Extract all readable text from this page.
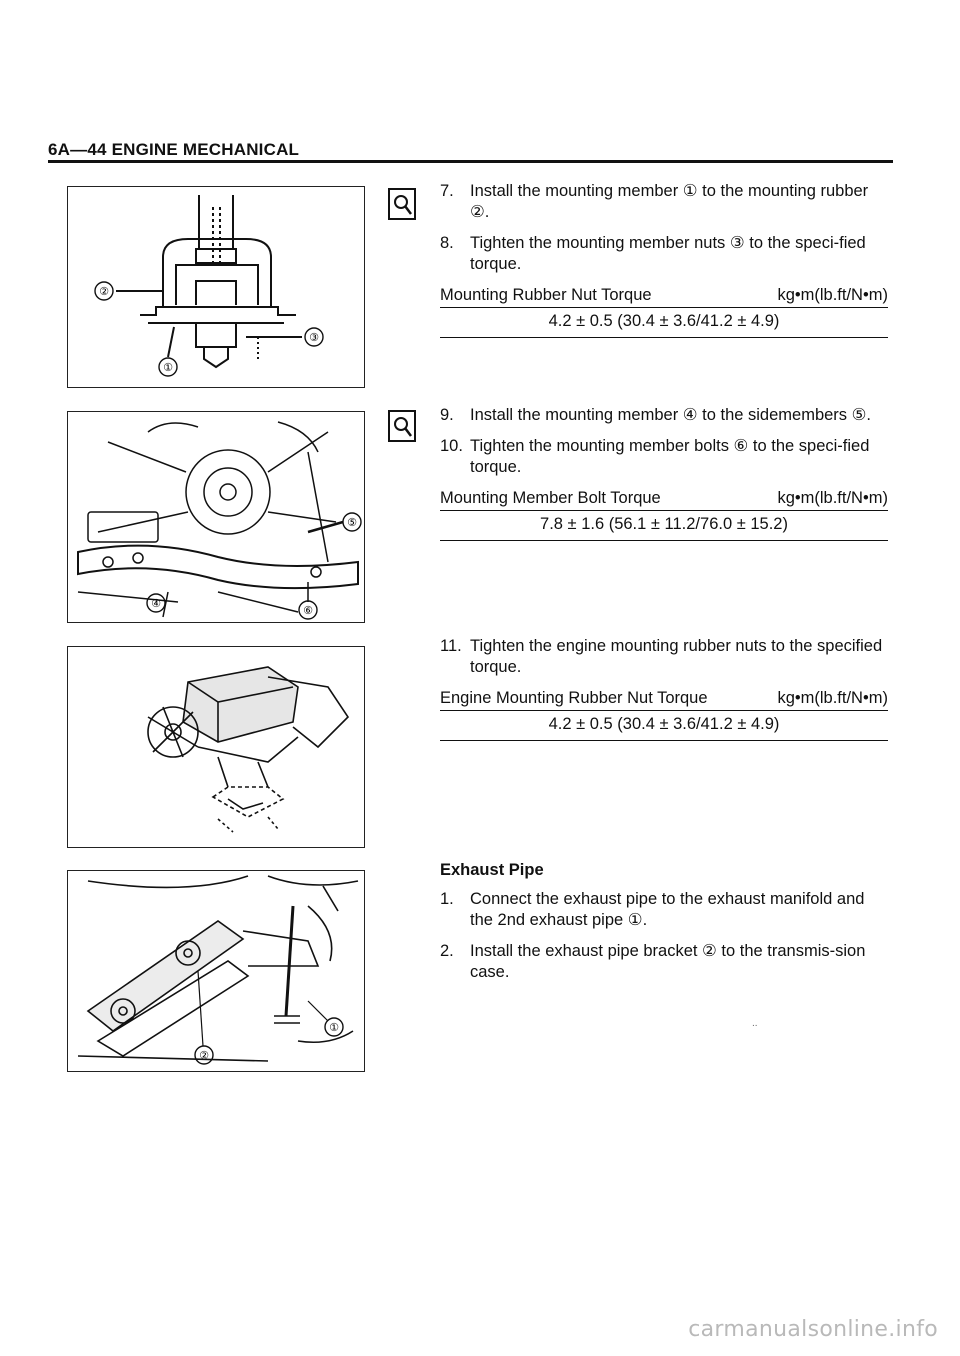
6A—44 ENGINE MECHANICAL
②
③
①
7. Install the mounting member ① to the mounting rubber ②.
8. Tighten the mounting member nuts ③ to the speci-fied torque.
Mounting Rubber Nut Torque	kg•m(lb.ft/N•m)
4.2 ± 0.5 (30.4 ± 3.6/41.2 ± 4.9)
⑤
④
⑥
9. Install the mounting member ④ to the sidemembers ⑤.
10. Tighten the mounting member bolts ⑥ to the speci-fied torque.
Mounting Member Bolt Torque	kg•m(lb.ft/N•m)
7.8 ± 1.6 (56.1 ± 11.2/76.0 ± 15.2)
11. Tighten the engine mounting rubber nuts to the specified torque.
Engine Mounting Rubber Nut Torque	kg•m(lb.ft/N•m)
4.2 ± 0.5 (30.4 ± 3.6/41.2 ± 4.9)
①
②
Exhaust Pipe
1. Connect the exhaust pipe to the exhaust manifold and the 2nd exhaust pipe ①.
2. Install the exhaust pipe bracket ② to the transmis-sion case.
..
carmanualsonline.info
